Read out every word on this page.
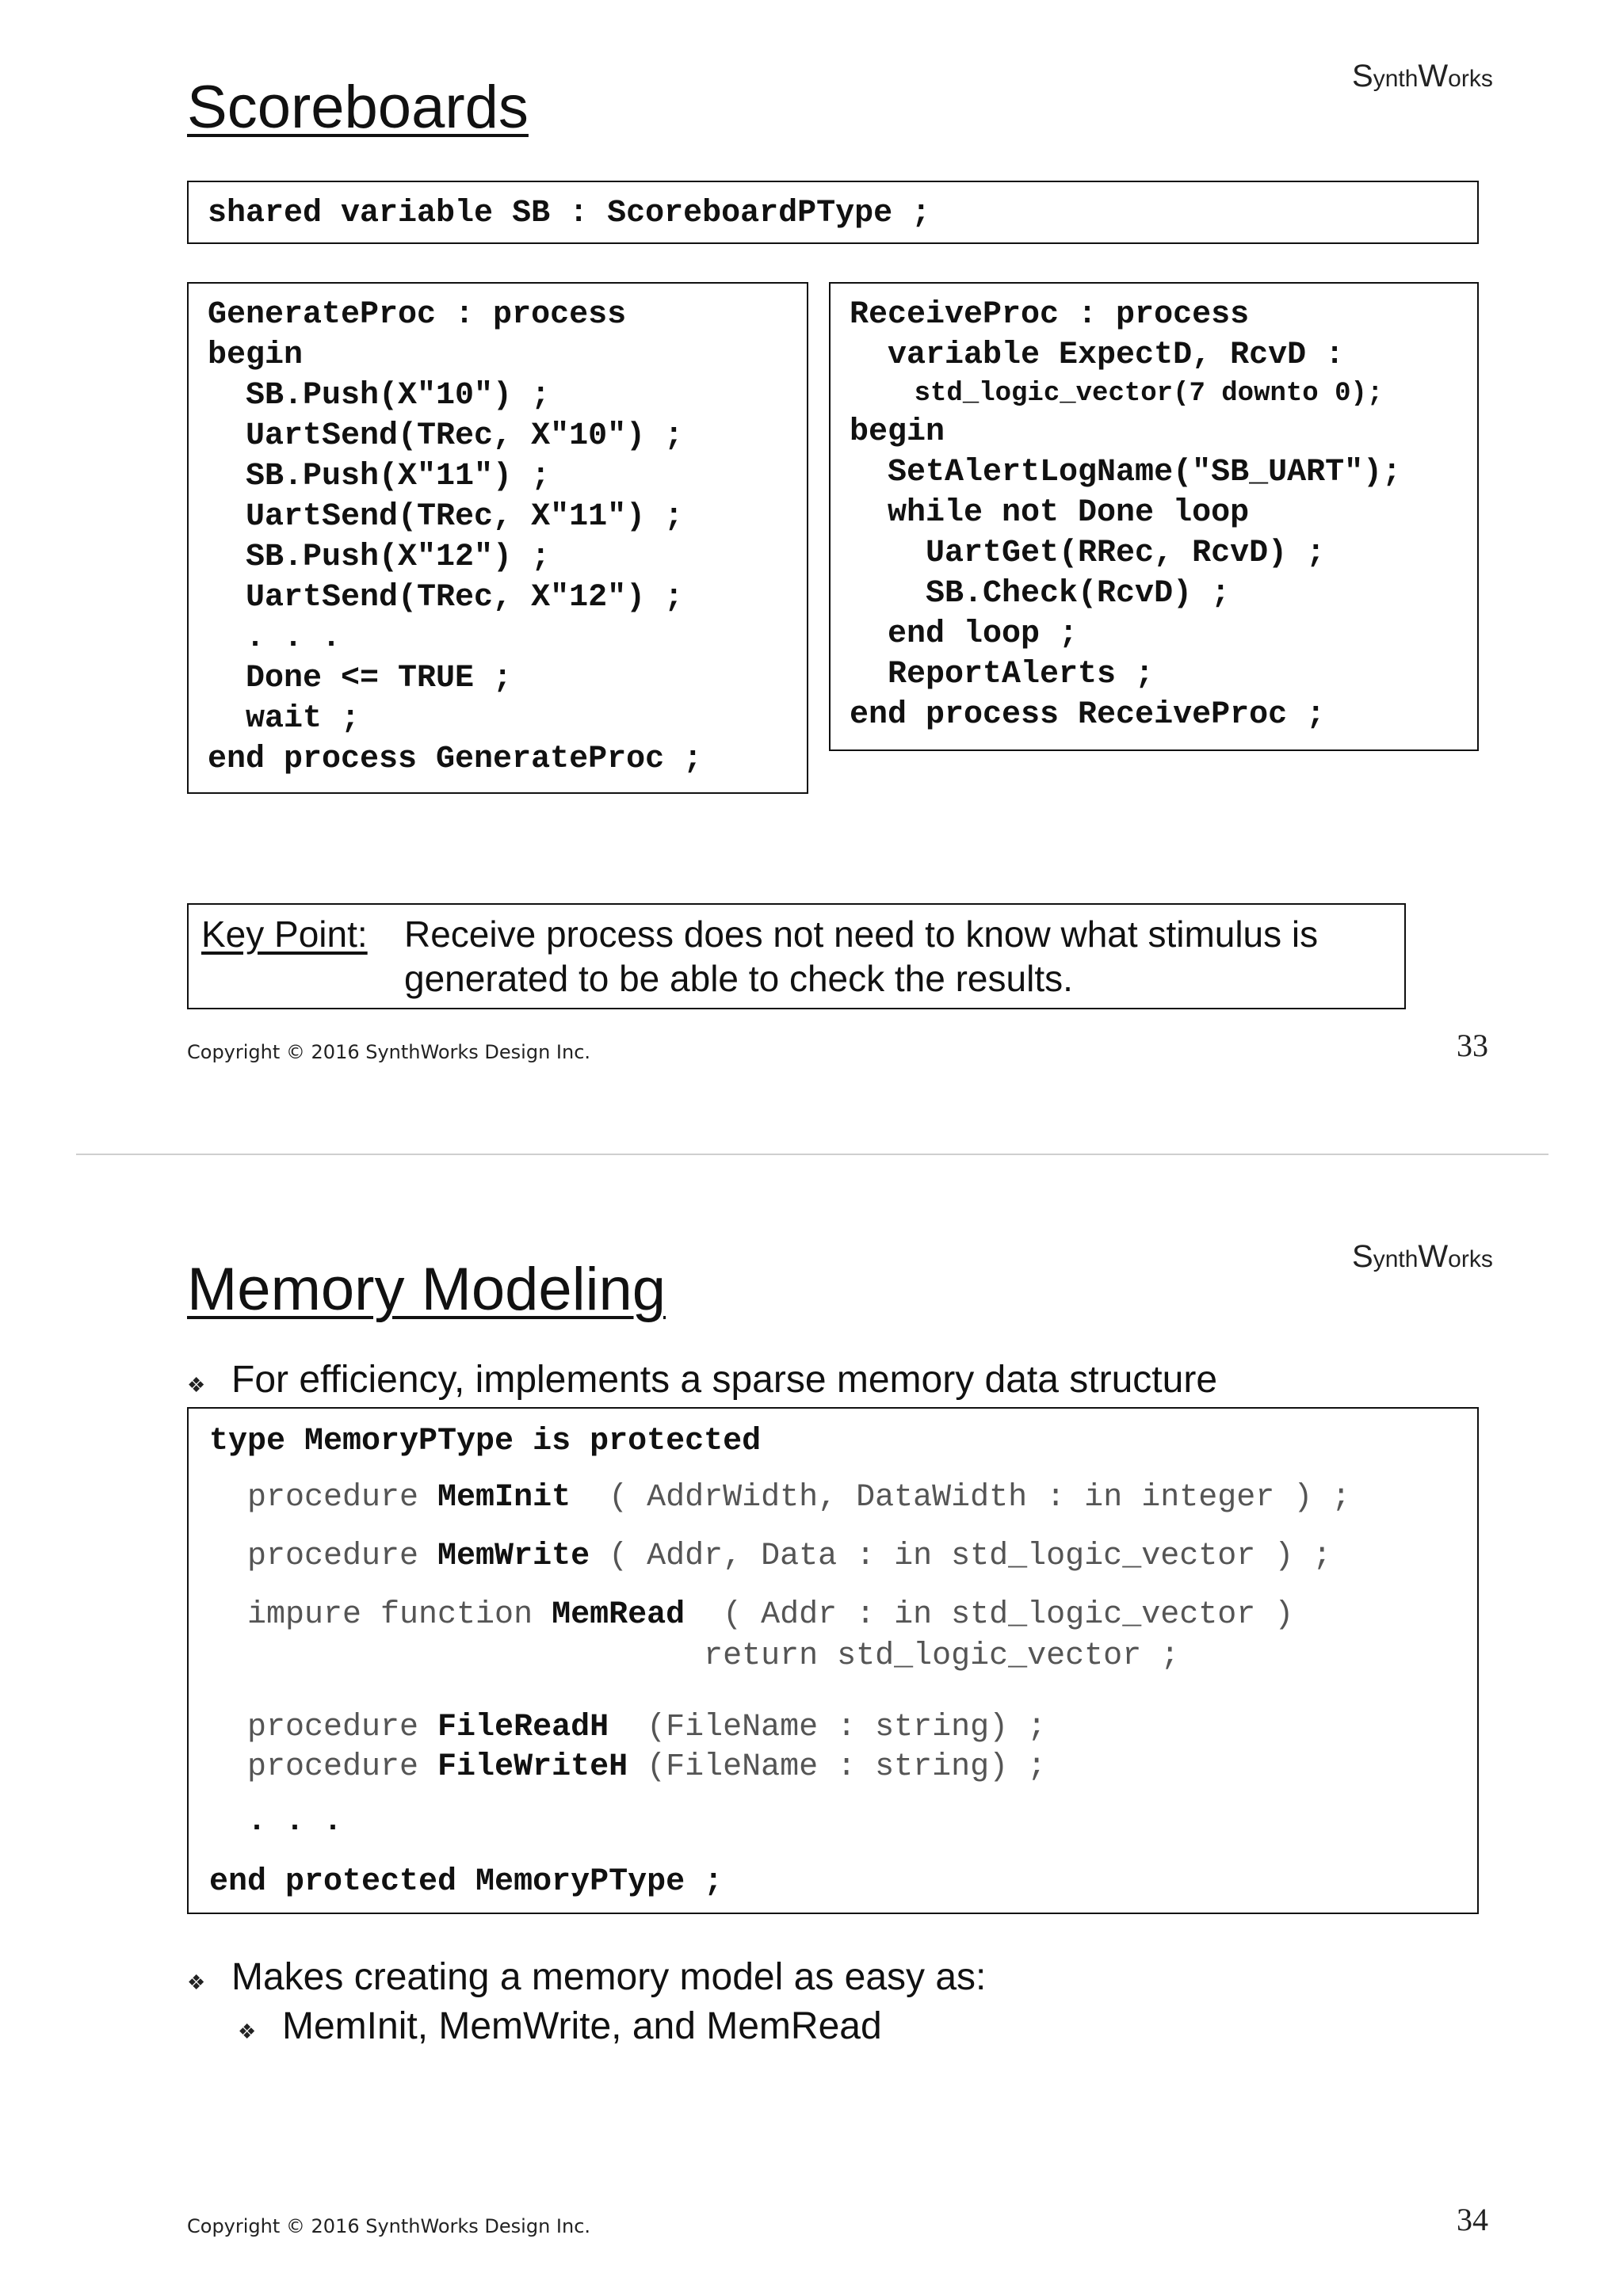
SynthWorks
Scoreboards
shared variable SB : ScoreboardPType ;
GenerateProc : process
begin
SB.Push(X"10") ;
UartSend(TRec, X"10") ;
SB.Push(X"11") ;
UartSend(TRec, X"11") ;
SB.Push(X"12") ;
UartSend(TRec, X"12") ;
. . .
Done <= TRUE ;
wait ;
end process GenerateProc ;
ReceiveProc : process
variable ExpectD, RcvD :
std_logic_vector(7 downto 0);
begin
SetAlertLogName("SB_UART");
while not Done loop
UartGet(RRec, RcvD) ;
SB.Check(RcvD) ;
end loop ;
ReportAlerts ;
end process ReceiveProc ;
Key Point: Receive process does not need to know what stimulus is
generated to be able to check the results.
Copyright © 2016 SynthWorks Design Inc.	33
SynthWorks
Memory Modeling
❖ For efficiency, implements a sparse memory data structure
type MemoryPType is protected
procedure MemInit  ( AddrWidth, DataWidth : in integer ) ;
procedure MemWrite ( Addr, Data : in std_logic_vector ) ;
impure function MemRead  ( Addr : in std_logic_vector )
return std_logic_vector ;
procedure FileReadH  (FileName : string) ;
procedure FileWriteH (FileName : string) ;
. . .
end protected MemoryPType ;
❖ Makes creating a memory model as easy as:
❖ MemInit, MemWrite, and MemRead
Copyright © 2016 SynthWorks Design Inc.	34
